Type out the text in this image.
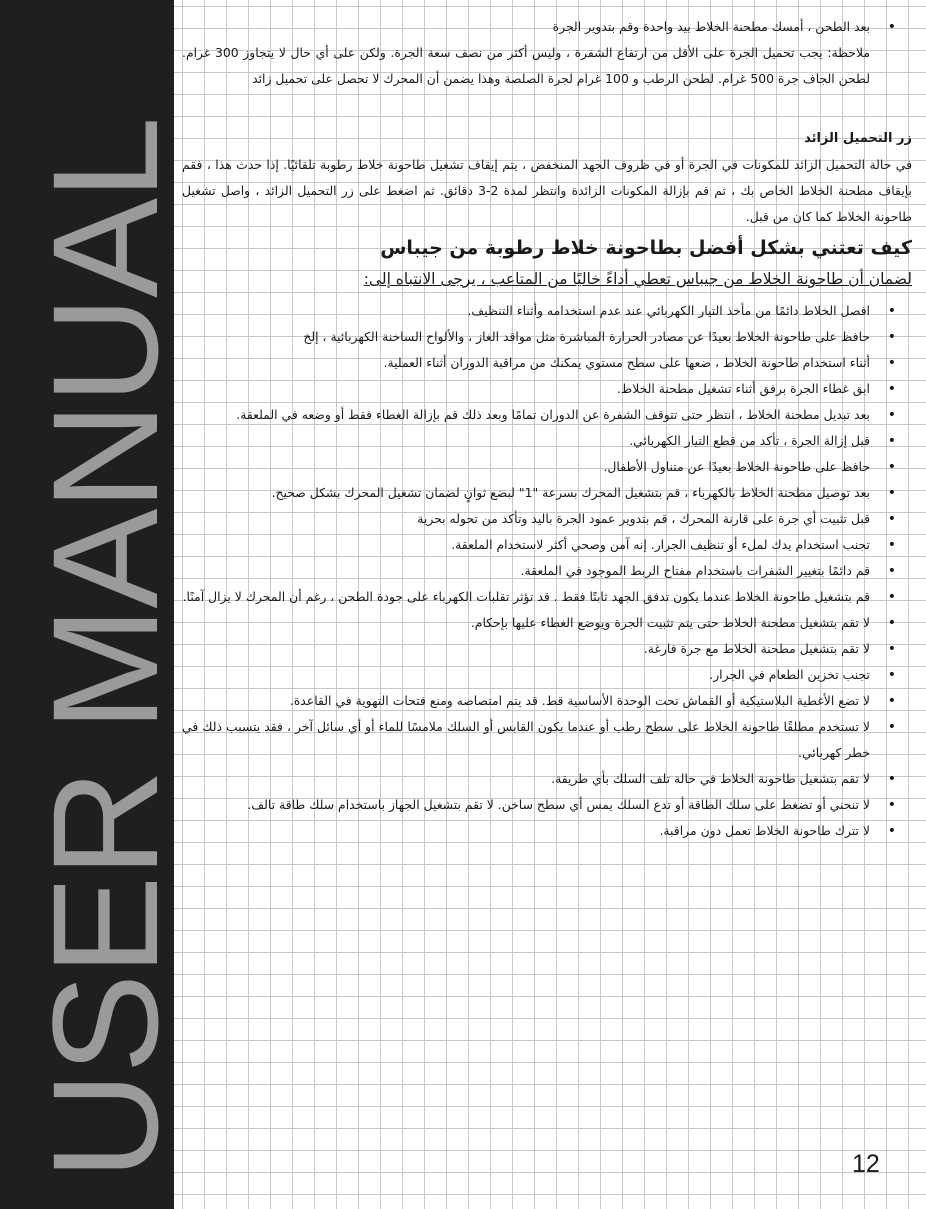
USER MANUAL
• بعد الطحن ، أمسك مطحنة الخلاط بيد واحدة وقم بتدوير الجرة
ملاحظة: يجب تحميل الجرة على الأقل من ارتفاع الشفرة ، وليس أكثر من نصف سعة الجرة. ولكن على أي حال لا يتجاوز 300 غرام. لطحن الجاف جرة 500 غرام. لطحن الرطب و 100 غرام لجرة الصلصة وهذا يضمن أن المحرك لا تحصل على تحميل زائد
زر التحميل الزائد
في حالة التحميل الزائد للمكونات في الجرة أو في ظروف الجهد المنخفض ، يتم إيقاف تشغيل طاحونة خلاط رطوبة تلقائيًا. إذا حدث هذا ، فقم بإيقاف مطحنة الخلاط الخاص بك ، ثم قم بإزالة المكونات الزائدة وانتظر لمدة 2-3 دقائق. ثم اضغط على زر التحميل الزائد ، واصل تشغيل طاحونة الخلاط كما كان من قبل.
كيف تعتني بشكل أفضل بطاحونة خلاط رطوبة من جيباس
لضمان أن طاحونة الخلاط من جيباس تعطي أداءً خاليًا من المتاعب ، يرجى الانتباه إلى:
• افصل الخلاط دائمًا من مأخذ التيار الكهربائي عند عدم استخدامه وأثناء التنظيف.
• حافظ على طاحونة الخلاط بعيدًا عن مصادر الحرارة المباشرة مثل مواقد الغاز ، والألواح الساخنة الكهربائية ، إلخ
• أثناء استخدام طاحونة الخلاط ، ضعها على سطح مستوي يمكنك من مراقبة الدوران أثناء العملية.
• ابق غطاء الجرة برفق أثناء تشغيل مطحنة الخلاط.
• بعد تبديل مطحنة الخلاط ، انتظر حتى تتوقف الشفرة عن الدوران تمامًا وبعد ذلك قم بإزالة الغطاء فقط أو وضعه في الملعقة.
• قبل إزالة الجرة ، تأكد من قطع التيار الكهربائي.
• حافظ على طاحونة الخلاط بعيدًا عن متناول الأطفال.
• بعد توصيل مطحنة الخلاط بالكهرباء ، قم بتشغيل المحرك بسرعة "1" لبضع ثوانٍ لضمان تشغيل المحرك بشكل صحيح.
• قبل تثبيت أي جرة على قارنة المحرك ، قم بتدوير عمود الجرة باليد وتأكد من تحوله بحرية
• تجنب استخدام يدك لملء أو تنظيف الجرار. إنه آمن وصحي أكثر لاستخدام الملعقة.
• قم دائمًا بتغيير الشفرات باستخدام مفتاح الربط الموجود في الملعقة.
• قم بتشغيل طاحونة الخلاط عندما يكون تدفق الجهد ثابتًا فقط . قد تؤثر تقلبات الكهرباء على جودة الطحن ، رغم أن المحرك لا يزال آمنًا.
• لا تقم بتشغيل مطحنة الخلاط حتى يتم تثبيت الجرة ويوضع الغطاء عليها بإحكام.
• لا تقم بتشغيل مطحنة الخلاط مع جرة فارغة.
• تجنب تخزين الطعام في الجرار.
• لا تضع الأغطية البلاستيكية أو القماش تحت الوحدة الأساسية قط. قد يتم امتصاصه ومنع فتحات التهوية في القاعدة.
• لا تستخدم مطلقًا طاحونة الخلاط على سطح رطب أو عندما يكون القابس أو السلك ملامسًا للماء أو أي سائل آخر ، فقد يتسبب ذلك في خطر كهربائي.
• لا تقم بتشغيل طاحونة الخلاط في حالة تلف السلك بأي طريقة.
• لا تنحني أو تضغط على سلك الطاقة أو تدع السلك يمس أي سطح ساخن. لا تقم بتشغيل الجهاز باستخدام سلك طاقة تالف.
• لا تترك طاحونة الخلاط تعمل دون مراقبة.
12
